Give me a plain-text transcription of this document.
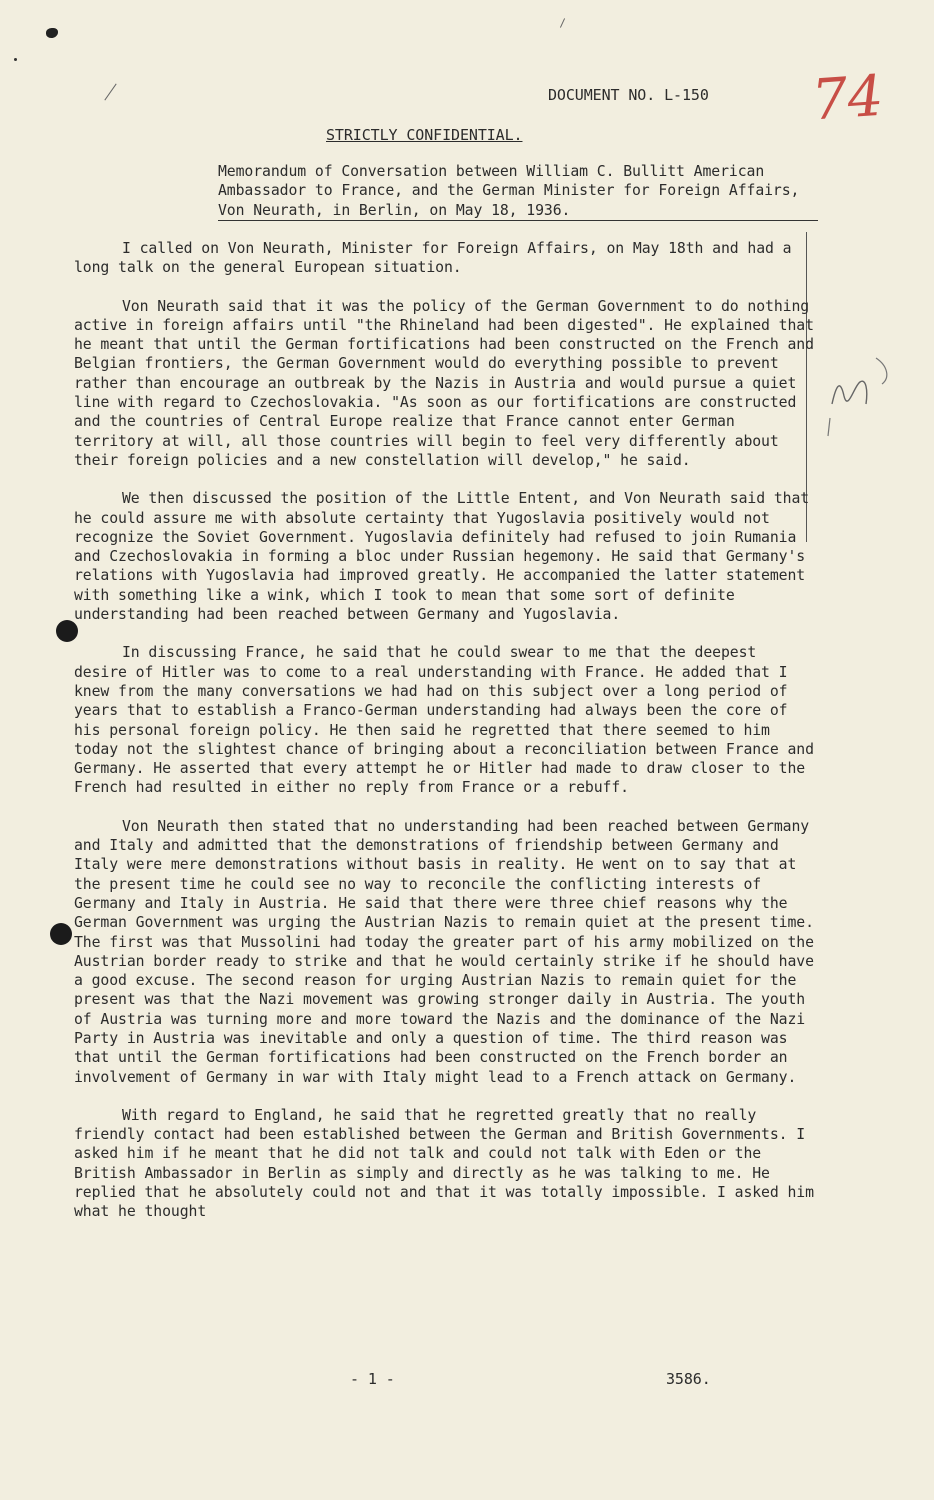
DOCUMENT NO. L-150 74
STRICTLY CONFIDENTIAL.

Memorandum of Conversation between William C. Bullitt American

Ambassador to France, and the German Minister for Foreign Affairs,

Von Neurath, in Berlin, on May 18, 1936.

I called on Von Neurath, Minister for Foreign Affairs, on May 18th and had a long talk on the general European situation.

Von Neurath said that it was the policy of the German Government to do nothing active in foreign affairs until "the Rhineland had been digested". He explained that he meant that until the German fortifications had been constructed on the French and Belgian frontiers, the German Government would do everything possible to prevent rather than encourage an outbreak by the Nazis in Austria and would pursue a quiet line with regard to Czechoslovakia. "As soon as our fortifications are constructed and the countries of Central Europe realize that France cannot enter German territory at will, all those countries will begin to feel very differently about their foreign policies and a new constellation will develop," he said.

We then discussed the position of the Little Entent, and Von Neurath said that he could assure me with absolute certainty that Yugoslavia positively would not recognize the Soviet Government. Yugoslavia definitely had refused to join Rumania and Czechoslovakia in forming a bloc under Russian hegemony. He said that Germany's relations with Yugoslavia had improved greatly. He accompanied the latter statement with something like a wink, which I took to mean that some sort of definite understanding had been reached between Germany and Yugoslavia.

In discussing France, he said that he could swear to me that the deepest desire of Hitler was to come to a real understanding with France. He added that I knew from the many conversations we had had on this subject over a long period of years that to establish a Franco-German understanding had always been the core of his personal foreign policy. He then said he regretted that there seemed to him today not the slightest chance of bringing about a reconciliation between France and Germany. He asserted that every attempt he or Hitler had made to draw closer to the French had resulted in either no reply from France or a rebuff.

Von Neurath then stated that no understanding had been reached between Germany and Italy and admitted that the demonstrations of friendship between Germany and Italy were mere demonstrations without basis in reality. He went on to say that at the present time he could see no way to reconcile the conflicting interests of Germany and Italy in Austria. He said that there were three chief reasons why the German Government was urging the Austrian Nazis to remain quiet at the present time. The first was that Mussolini had today the greater part of his army mobilized on the Austrian border ready to strike and that he would certainly strike if he should have a good excuse. The second reason for urging Austrian Nazis to remain quiet for the present was that the Nazi movement was growing stronger daily in Austria. The youth of Austria was turning more and more toward the Nazis and the dominance of the Nazi Party in Austria was inevitable and only a question of time. The third reason was that until the German fortifications had been constructed on the French border an involvement of Germany in war with Italy might lead to a French attack on Germany.

With regard to England, he said that he regretted greatly that no really friendly contact had been established between the German and British Governments. I asked him if he meant that he did not talk and could not talk with Eden or the British Ambassador in Berlin as simply and directly as he was talking to me. He replied that he absolutely could not and that it was totally impossible. I asked him what he thought

- 1 -	3586.
